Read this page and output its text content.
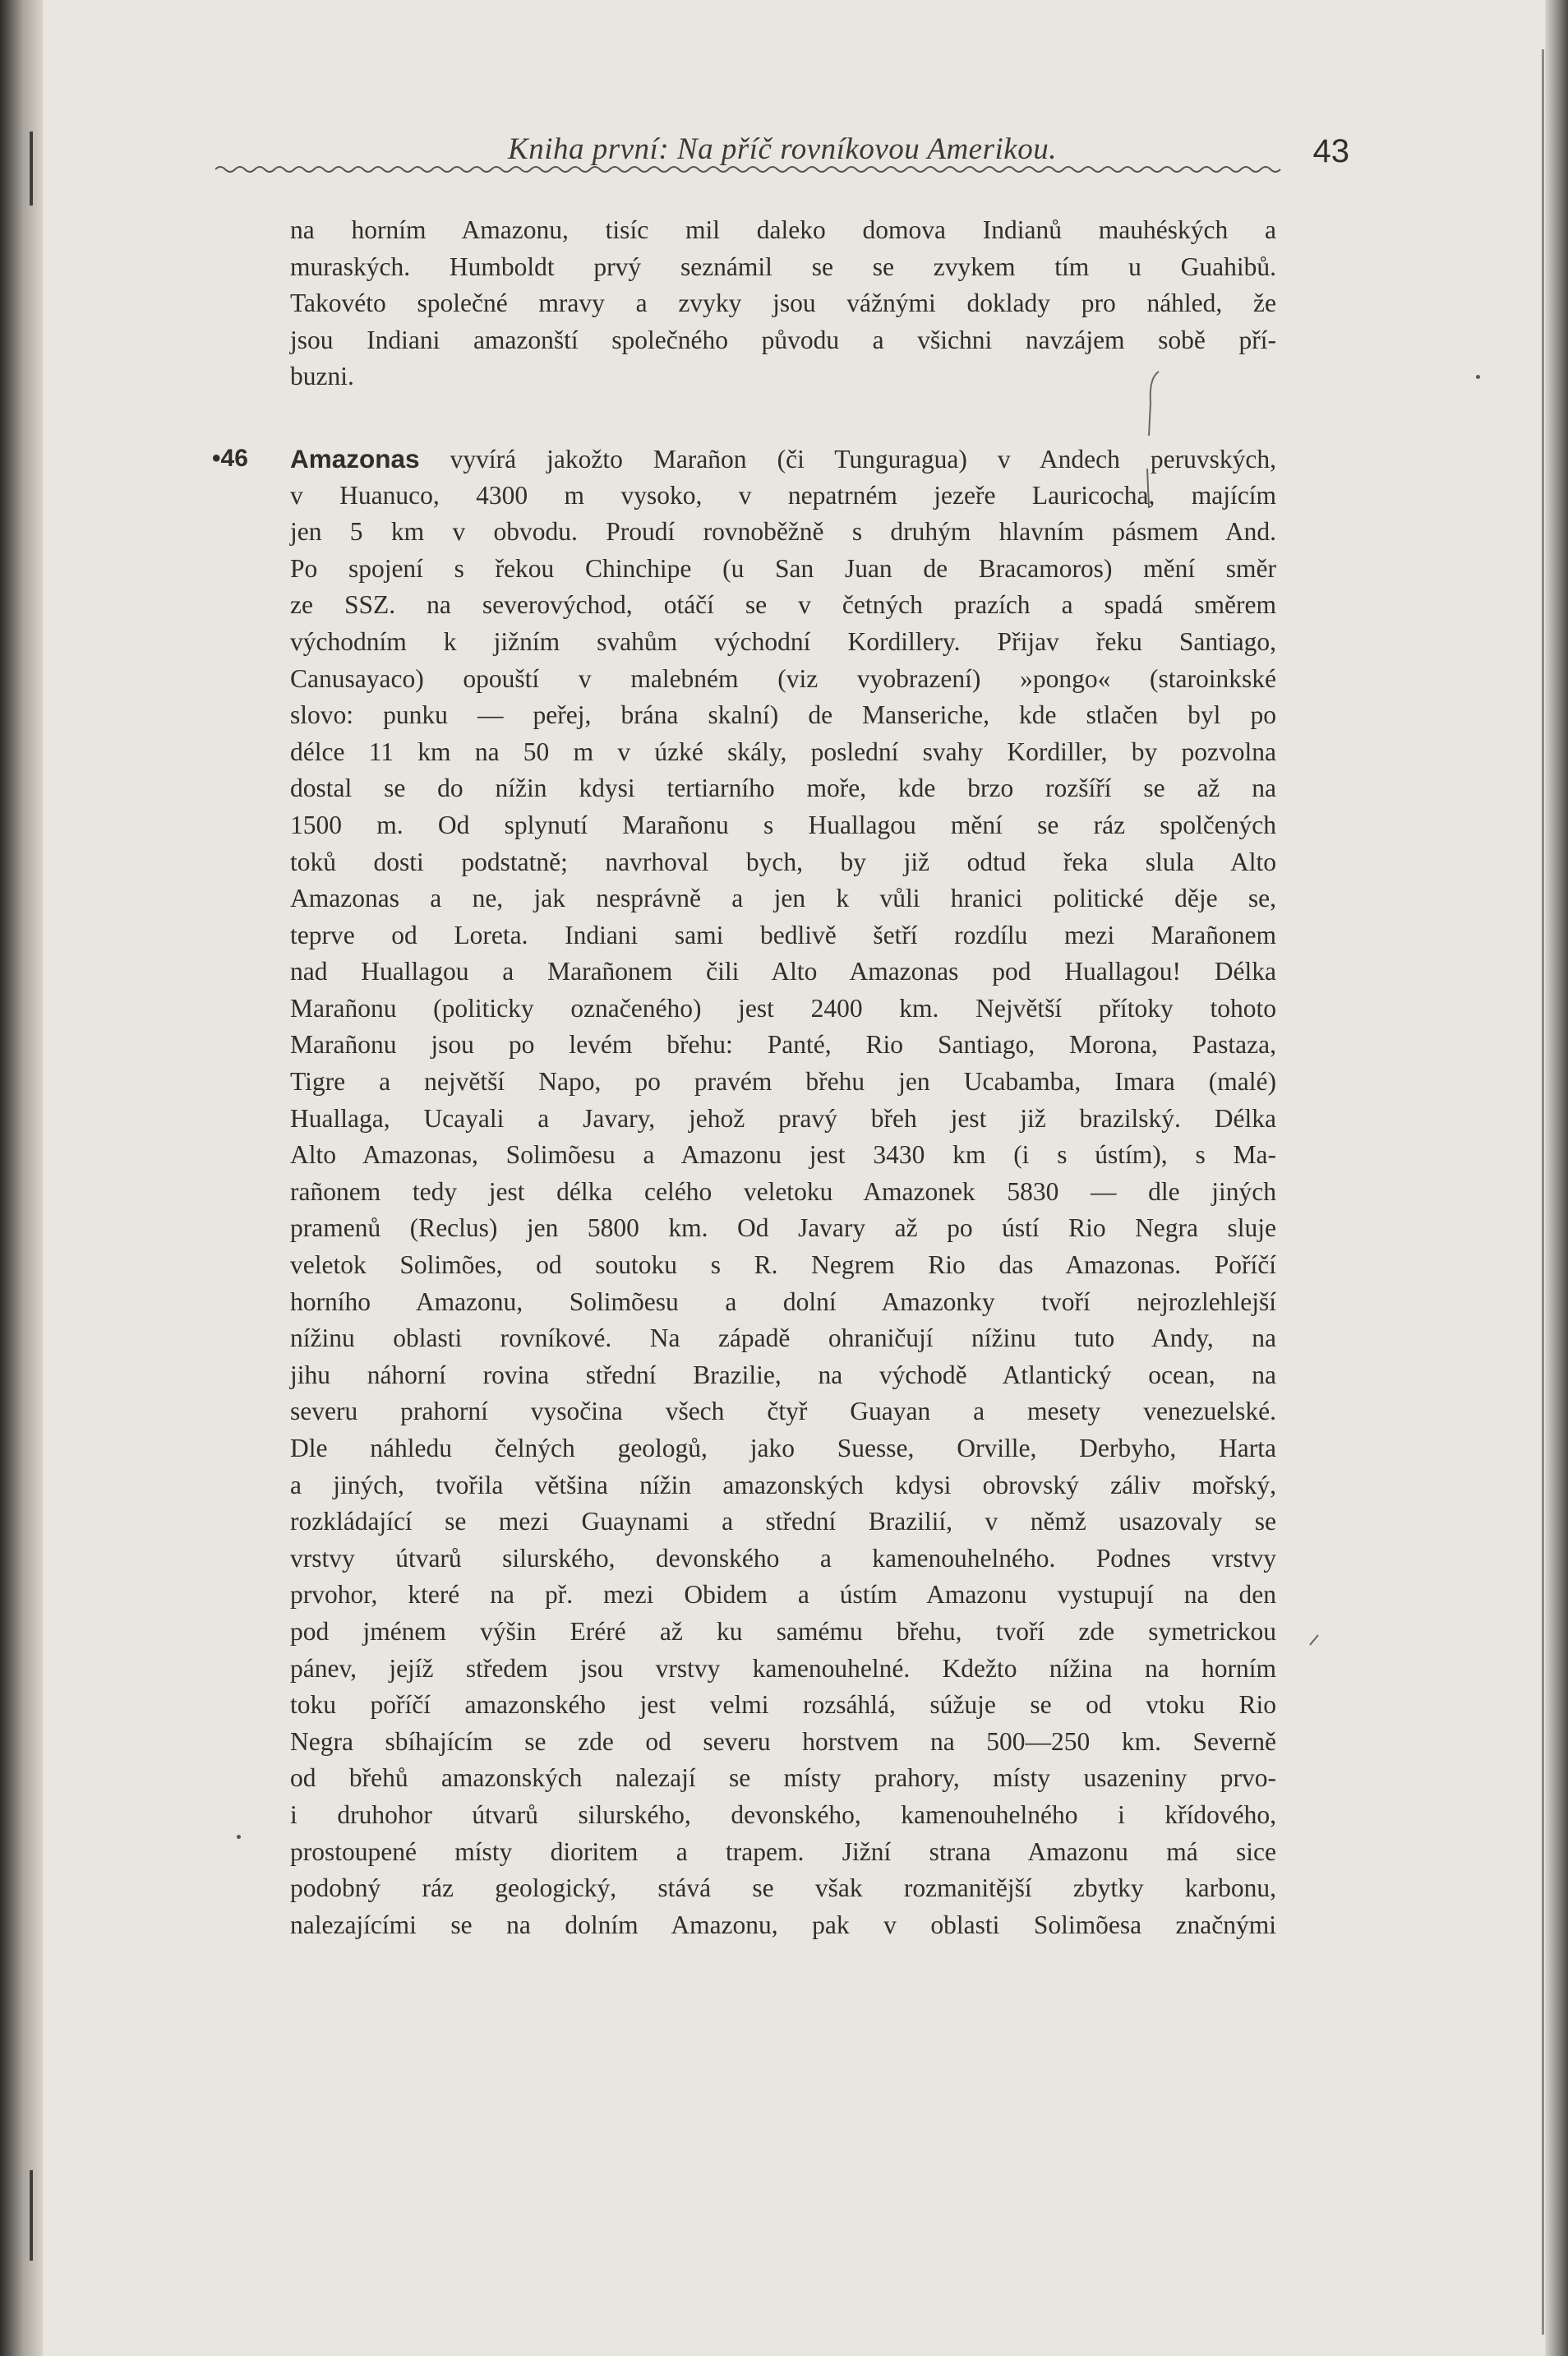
Kniha první: Na příč rovníkovou Amerikou.	43
na horním Amazonu, tisíc mil daleko domova Indianů mauhéských a
muraských. Humboldt prvý seznámil se se zvykem tím u Guahibů.
Takovéto společné mravy a zvyky jsou vážnými doklady pro náhled, že
jsou Indiani amazonští společného původu a všichni navzájem sobě pří-
buzni.
•46 Amazonas vyvírá jakožto Marañon (či Tunguragua) v Andech peruvských,
v Huanuco, 4300 m vysoko, v nepatrném jezeře Lauricocha, majícím
jen 5 km v obvodu. Proudí rovnoběžně s druhým hlavním pásmem And.
Po spojení s řekou Chinchipe (u San Juan de Bracamoros) mění směr
ze SSZ. na severovýchod, otáčí se v četných prazích a spadá směrem
východním k jižním svahům východní Kordillery. Přijav řeku Santiago,
Canusayaco) opouští v malebném (viz vyobrazení) »pongo« (staroinkské
slovo: punku — peřej, brána skalní) de Manseriche, kde stlačen byl po
délce 11 km na 50 m v úzké skály, poslední svahy Kordiller, by pozvolna
dostal se do nížin kdysi tertiarního moře, kde brzo rozšíří se až na
1500 m. Od splynutí Marañonu s Huallagou mění se ráz spolčených
toků dosti podstatně; navrhoval bych, by již odtud řeka slula Alto
Amazonas a ne, jak nesprávně a jen k vůli hranici politické děje se,
teprve od Loreta. Indiani sami bedlivě šetří rozdílu mezi Marañonem
nad Huallagou a Marañonem čili Alto Amazonas pod Huallagou! Délka
Marañonu (politicky označeného) jest 2400 km. Největší přítoky tohoto
Marañonu jsou po levém břehu: Panté, Rio Santiago, Morona, Pastaza,
Tigre a největší Napo, po pravém břehu jen Ucabamba, Imara (malé)
Huallaga, Ucayali a Javary, jehož pravý břeh jest již brazilský. Délka
Alto Amazonas, Solimõesu a Amazonu jest 3430 km (i s ústím), s Ma-
rañonem tedy jest délka celého veletoku Amazonek 5830 — dle jiných
pramenů (Reclus) jen 5800 km. Od Javary až po ústí Rio Negra sluje
veletok Solimões, od soutoku s R. Negrem Rio das Amazonas. Poříčí
horního Amazonu, Solimõesu a dolní Amazonky tvoří nejrozlehlejší
nížinu oblasti rovníkové. Na západě ohraničují nížinu tuto Andy, na
jihu náhorní rovina střední Brazilie, na východě Atlantický ocean, na
severu prahorní vysočina všech čtyř Guayan a mesety venezuelské.
Dle náhledu čelných geologů, jako Suesse, Orville, Derbyho, Harta
a jiných, tvořila většina nížin amazonských kdysi obrovský záliv mořský,
rozkládající se mezi Guaynami a střední Brazilií, v němž usazovaly se
vrstvy útvarů silurského, devonského a kamenouhelného. Podnes vrstvy
prvohor, které na př. mezi Obidem a ústím Amazonu vystupují na den
pod jménem výšin Eréré až ku samému břehu, tvoří zde symetrickou
pánev, jejíž středem jsou vrstvy kamenouhelné. Kdežto nížina na horním
toku poříčí amazonského jest velmi rozsáhlá, súžuje se od vtoku Rio
Negra sbíhajícím se zde od severu horstvem na 500—250 km. Severně
od břehů amazonských nalezají se místy prahory, místy usazeniny prvo-
i druhohor útvarů silurského, devonského, kamenouhelného i křídového,
prostoupené místy dioritem a trapem. Jižní strana Amazonu má sice
podobný ráz geologický, stává se však rozmanitější zbytky karbonu,
nalezajícími se na dolním Amazonu, pak v oblasti Solimõesa značnými
